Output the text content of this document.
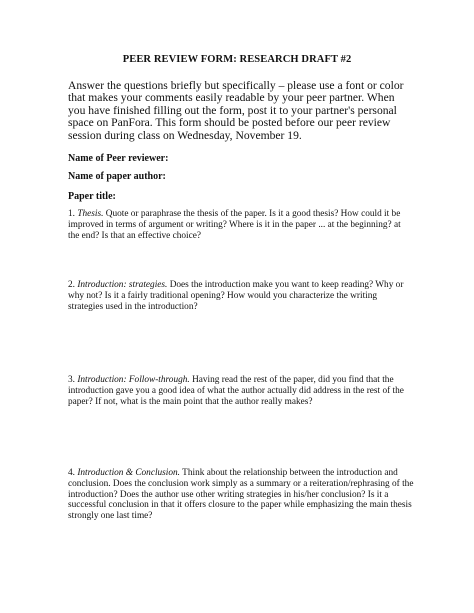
PEER REVIEW FORM: RESEARCH DRAFT #2
Answer the questions briefly but specifically – please use a font or color that makes your comments easily readable by your peer partner. When you have finished filling out the form, post it to your partner's personal space on PanFora. This form should be posted before our peer review session during class on Wednesday, November 19.
Name of Peer reviewer:
Name of paper author:
Paper title:
1. Thesis. Quote or paraphrase the thesis of the paper. Is it a good thesis? How could it be improved in terms of argument or writing? Where is it in the paper ... at the beginning? at the end? Is that an effective choice?
2. Introduction: strategies. Does the introduction make you want to keep reading? Why or why not? Is it a fairly traditional opening? How would you characterize the writing strategies used in the introduction?
3. Introduction: Follow-through. Having read the rest of the paper, did you find that the introduction gave you a good idea of what the author actually did address in the rest of the paper? If not, what is the main point that the author really makes?
4. Introduction & Conclusion. Think about the relationship between the introduction and conclusion. Does the conclusion work simply as a summary or a reiteration/rephrasing of the introduction? Does the author use other writing strategies in his/her conclusion? Is it a successful conclusion in that it offers closure to the paper while emphasizing the main thesis strongly one last time?
